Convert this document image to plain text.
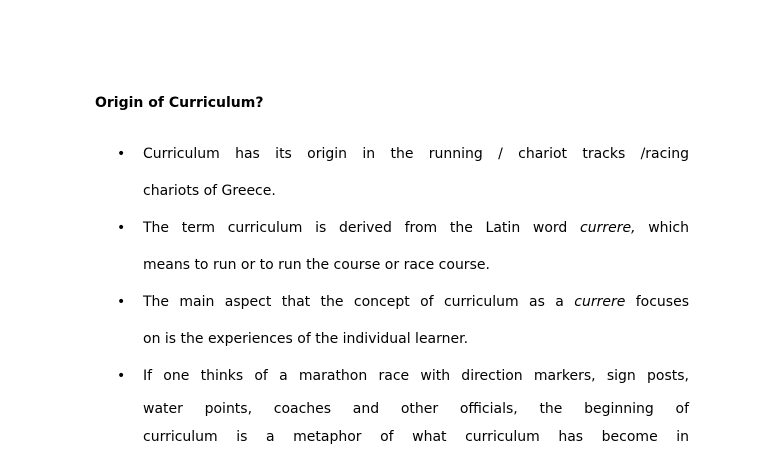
Origin of Curriculum?
• Curriculum has its origin in the running / chariot tracks /racing
chariots of Greece.
• The term curriculum is derived from the Latin word currere, which
means to run or to run the course or race course.
• The main aspect that the concept of curriculum as a currere focuses
on is the experiences of the individual learner.
• If one thinks of a marathon race with direction markers, sign posts,
water points, coaches and other officials, the beginning of
curriculum is a metaphor of what curriculum has become in
